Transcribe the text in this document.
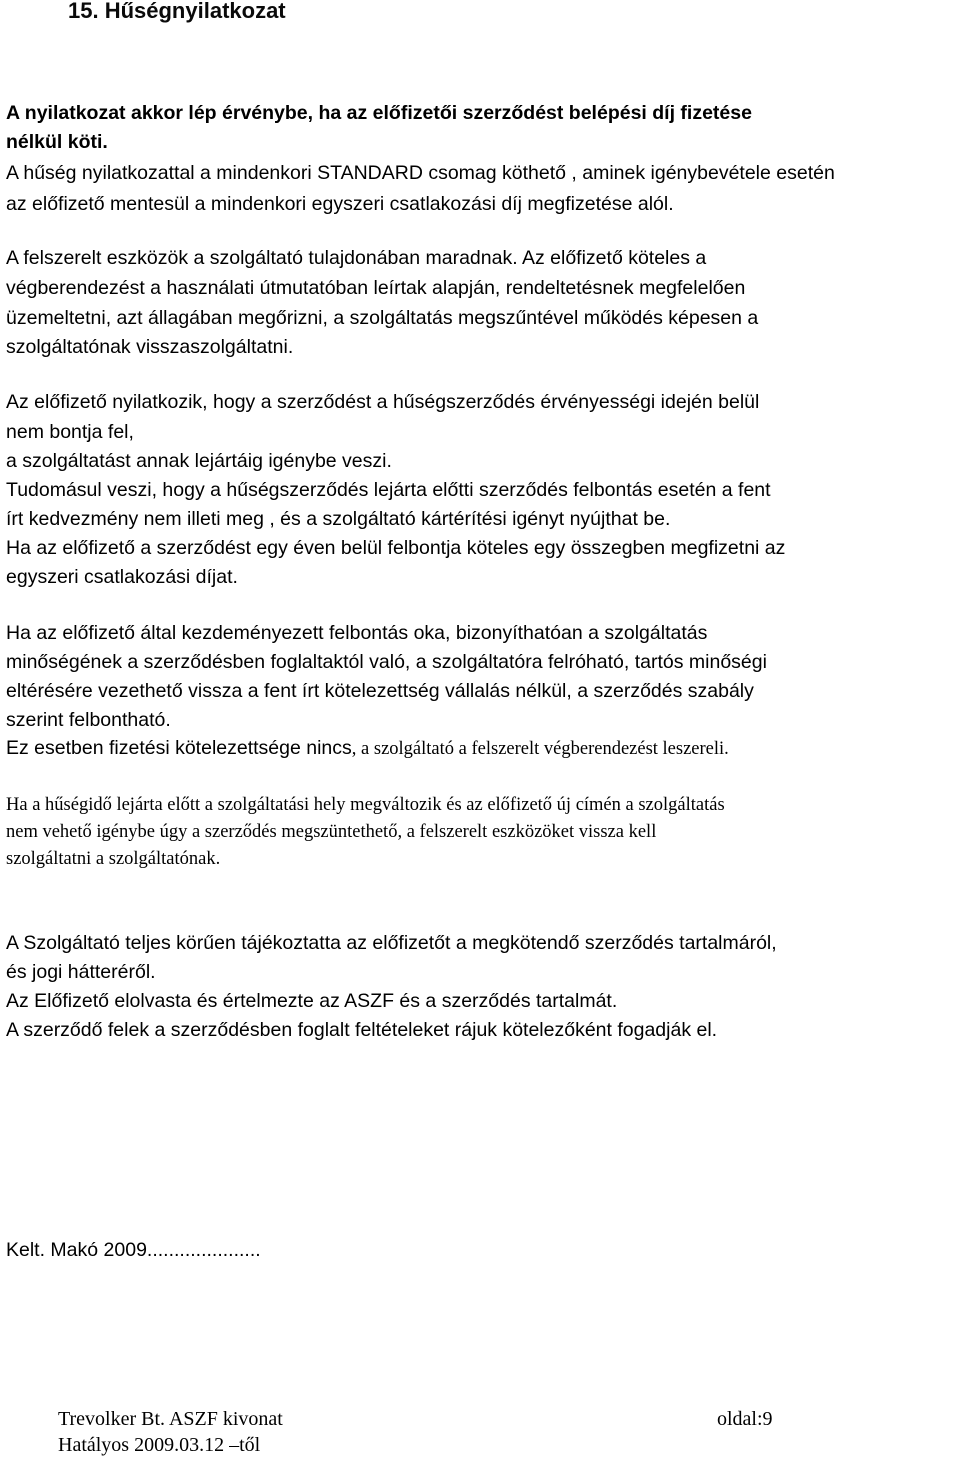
15. Hűségnyilatkozat
A nyilatkozat akkor lép érvénybe, ha az előfizetői szerződést belépési díj fizetése
nélkül köti.
A hűség nyilatkozattal a mindenkori STANDARD csomag köthető , aminek igénybevétele esetén
az előfizető mentesül a mindenkori egyszeri csatlakozási díj megfizetése alól.
A felszerelt eszközök a szolgáltató tulajdonában maradnak. Az előfizető köteles a
végberendezést a használati útmutatóban leírtak alapján, rendeltetésnek megfelelően
üzemeltetni, azt állagában megőrizni, a szolgáltatás megszűntével működés képesen a
szolgáltatónak visszaszolgáltatni.
Az előfizető nyilatkozik, hogy a szerződést a hűségszerződés érvényességi idején belül
nem bontja fel,
a szolgáltatást annak lejártáig igénybe veszi.
Tudomásul veszi, hogy a hűségszerződés lejárta előtti szerződés felbontás esetén a fent
írt kedvezmény nem illeti meg , és a szolgáltató kártérítési igényt nyújthat be.
Ha az előfizető a szerződést egy éven belül felbontja köteles egy összegben megfizetni az
egyszeri csatlakozási díjat.
Ha az előfizető által kezdeményezett felbontás oka, bizonyíthatóan a szolgáltatás
minőségének a szerződésben foglaltaktól való, a szolgáltatóra felróható, tartós minőségi
eltérésére vezethető vissza a fent írt kötelezettség vállalás nélkül, a szerződés szabály
szerint felbontható.
Ez esetben fizetési kötelezettsége nincs, a szolgáltató a felszerelt végberendezést leszereli.
Ha a hűségidő lejárta előtt a szolgáltatási hely megváltozik és az előfizető új címén a szolgáltatás
nem vehető igénybe úgy a szerződés megszüntethető, a felszerelt eszközöket vissza kell
szolgáltatni a szolgáltatónak.
A Szolgáltató teljes körűen tájékoztatta az előfizetőt a megkötendő szerződés tartalmáról,
és jogi hátteréről.
Az Előfizető elolvasta és értelmezte az ASZF és a szerződés tartalmát.
A szerződő felek a szerződésben foglalt feltételeket rájuk kötelezőként fogadják el.
Kelt. Makó 2009.....................
Trevolker Bt. ASZF kivonat	oldal:9
Hatályos 2009.03.12 –től
